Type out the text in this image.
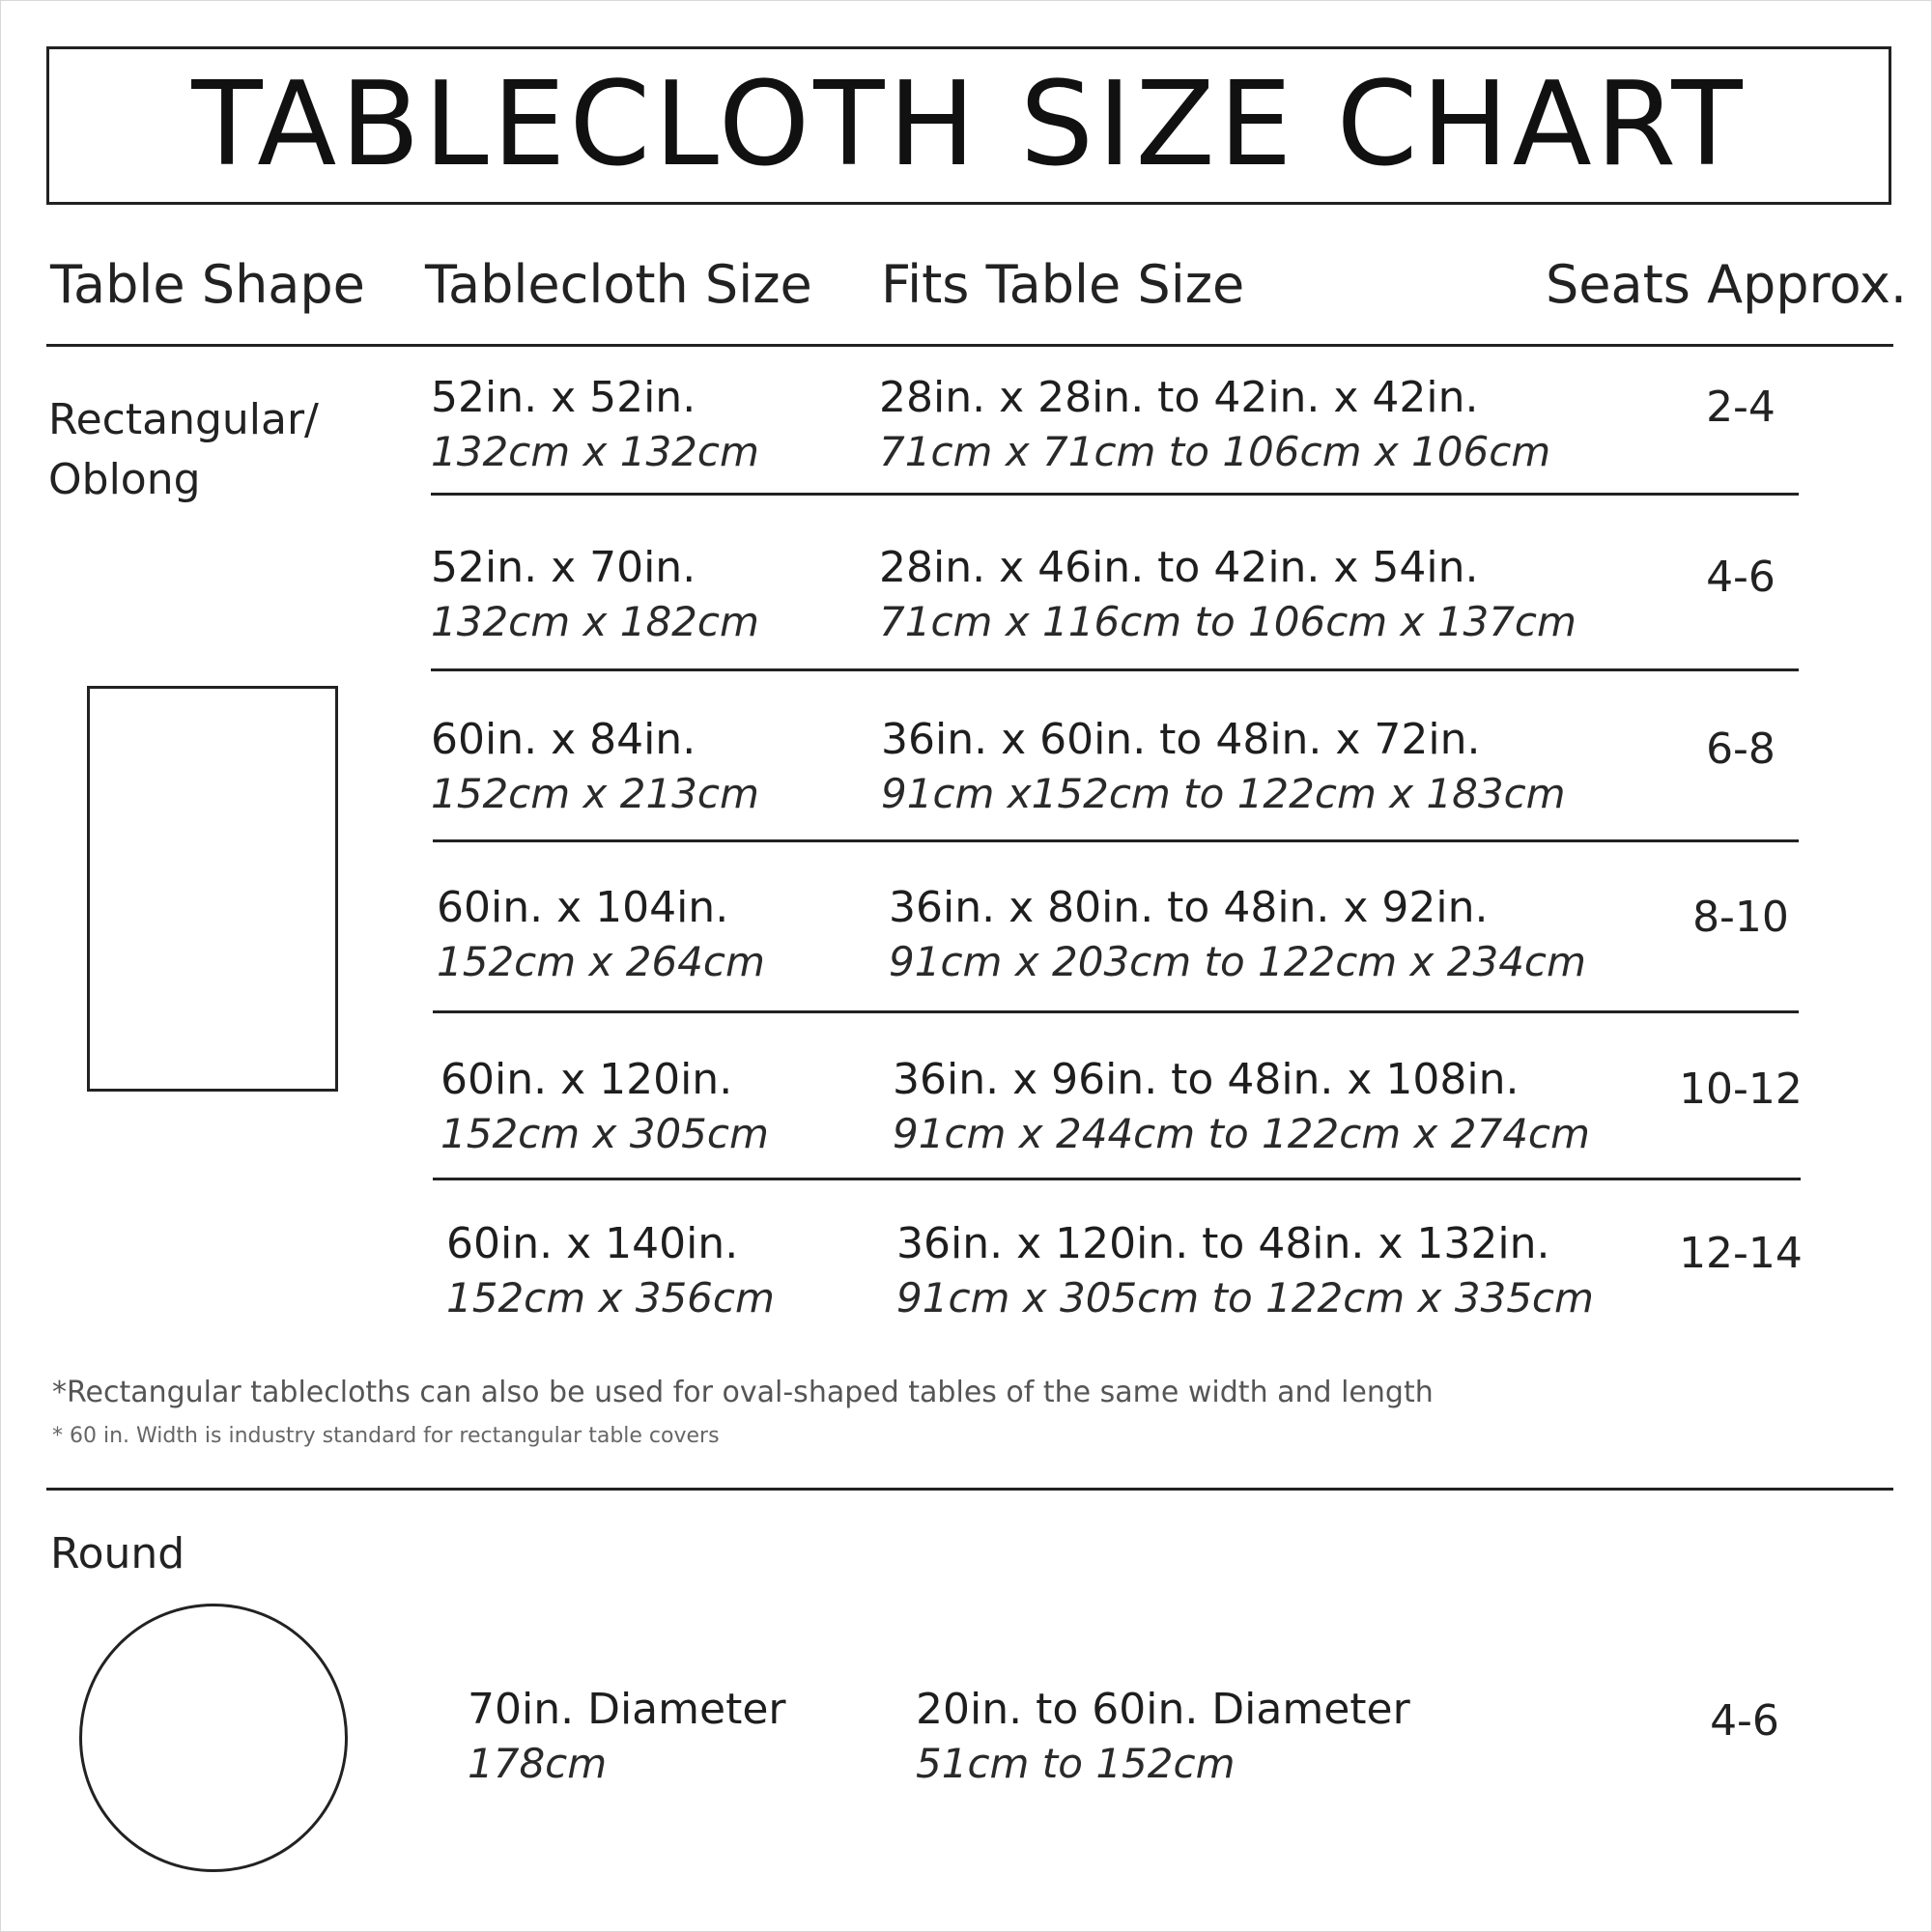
TABLECLOTH SIZE CHART
Table Shape Tablecloth Size Fits Table Size	Seats Approx.
Rectangular/
Oblong
52in. x 52in.
132cm x 132cm
28in. x 28in. to 42in. x 42in.
71cm x 71cm to 106cm x 106cm
2-4
52in. x 70in.
132cm x 182cm
28in. x 46in. to 42in. x 54in.
71cm x 116cm to 106cm x 137cm
4-6
60in. x 84in.
152cm x 213cm
36in. x 60in. to 48in. x 72in.
91cm x152cm to 122cm x 183cm
6-8
60in. x 104in.
152cm x 264cm
36in. x 80in. to 48in. x 92in.
91cm x 203cm to 122cm x 234cm
8-10
60in. x 120in.
152cm x 305cm
36in. x 96in. to 48in. x 108in.
91cm x 244cm to 122cm x 274cm
10-12
60in. x 140in.
152cm x 356cm
36in. x 120in. to 48in. x 132in.
91cm x 305cm to 122cm x 335cm
12-14
*Rectangular tablecloths can also be used for oval-shaped tables of the same width and length
* 60 in. Width is industry standard for rectangular table covers
Round
70in. Diameter
178cm
20in. to 60in. Diameter
51cm to 152cm
4-6
